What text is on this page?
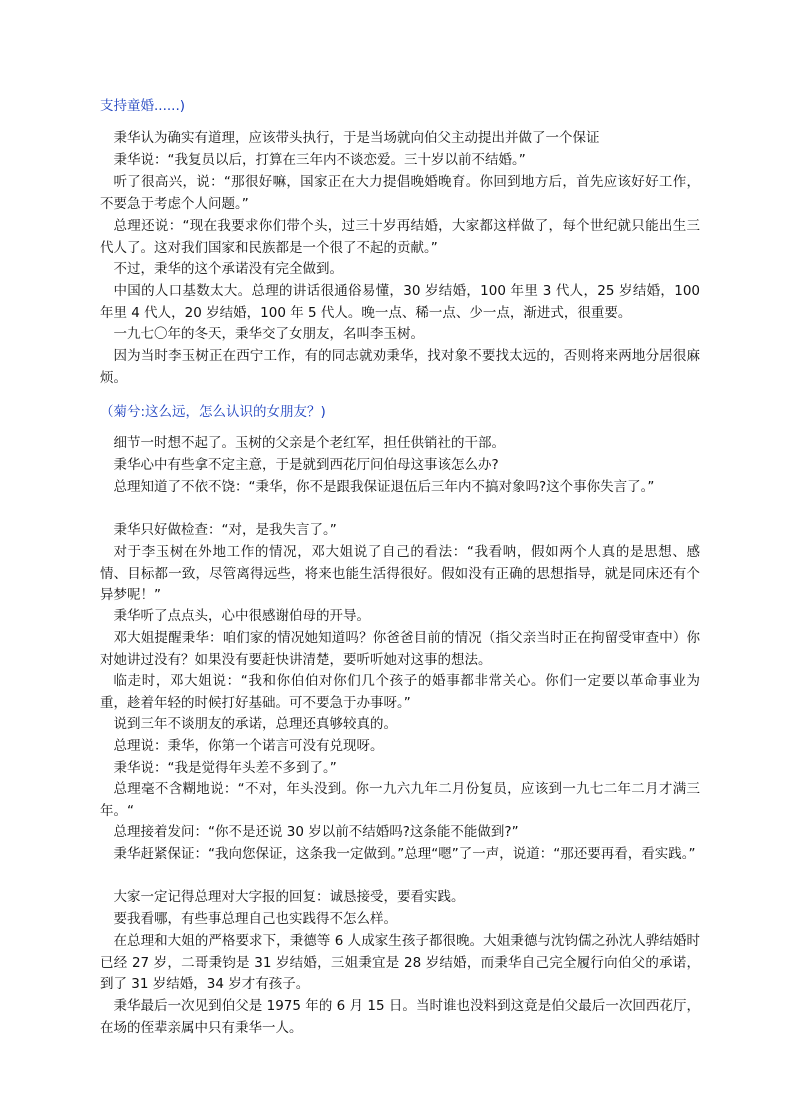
支持童婚......)

秉华认为确实有道理，应该带头执行，于是当场就向伯父主动提出并做了一个保证

秉华说：“我复员以后，打算在三年内不谈恋爱。三十岁以前不结婚。”

听了很高兴，说：“那很好嘛，国家正在大力提倡晚婚晚育。你回到地方后，首先应该好好工作，不要急于考虑个人问题。”

总理还说：“现在我要求你们带个头，过三十岁再结婚，大家都这样做了，每个世纪就只能出生三代人了。这对我们国家和民族都是一个很了不起的贡献。”

不过，秉华的这个承诺没有完全做到。

中国的人口基数太大。总理的讲话很通俗易懂，30 岁结婚，100 年里 3 代人，25 岁结婚，100 年里 4 代人，20 岁结婚，100 年 5 代人。晚一点、稀一点、少一点，渐进式，很重要。

一九七〇年的冬天，秉华交了女朋友，名叫李玉树。

因为当时李玉树正在西宁工作，有的同志就劝秉华，找对象不要找太远的，否则将来两地分居很麻烦。

（菊兮:这么远，怎么认识的女朋友？)

细节一时想不起了。玉树的父亲是个老红军，担任供销社的干部。

秉华心中有些拿不定主意，于是就到西花厅问伯母这事该怎么办?

总理知道了不依不饶：“秉华，你不是跟我保证退伍后三年内不搞对象吗?这个事你失言了。”

秉华只好做检查：“对，是我失言了。”

对于李玉树在外地工作的情况，邓大姐说了自己的看法：“我看呐，假如两个人真的是思想、感情、目标都一致，尽管离得远些，将来也能生活得很好。假如没有正确的思想指导，就是同床还有个异梦呢！”

秉华听了点点头，心中很感谢伯母的开导。

邓大姐提醒秉华：咱们家的情况她知道吗？你爸爸目前的情况（指父亲当时正在拘留受审查中）你对她讲过没有？如果没有要赶快讲清楚，要听听她对这事的想法。

临走时，邓大姐说：“我和你伯伯对你们几个孩子的婚事都非常关心。你们一定要以革命事业为重，趁着年轻的时候打好基础。可不要急于办事呀。”

说到三年不谈朋友的承诺，总理还真够较真的。

总理说：秉华，你第一个诺言可没有兑现呀。

秉华说：“我是觉得年头差不多到了。”

总理毫不含糊地说：“不对，年头没到。你一九六九年二月份复员，应该到一九七二年二月才满三年。“

总理接着发问：“你不是还说 30 岁以前不结婚吗?这条能不能做到?”

秉华赶紧保证：“我向您保证，这条我一定做到。”总理“嗯”了一声，说道：“那还要再看，看实践。”

大家一定记得总理对大字报的回复：诚恳接受，要看实践。

要我看哪，有些事总理自己也实践得不怎么样。

在总理和大姐的严格要求下，秉德等 6 人成家生孩子都很晚。大姐秉德与沈钧儒之孙沈人骅结婚时已经 27 岁，二哥秉钧是 31 岁结婚，三姐秉宜是 28 岁结婚，而秉华自己完全履行向伯父的承诺，到了 31 岁结婚，34 岁才有孩子。

秉华最后一次见到伯父是 1975 年的 6 月 15 日。当时谁也没料到这竟是伯父最后一次回西花厅，在场的侄辈亲属中只有秉华一人。
